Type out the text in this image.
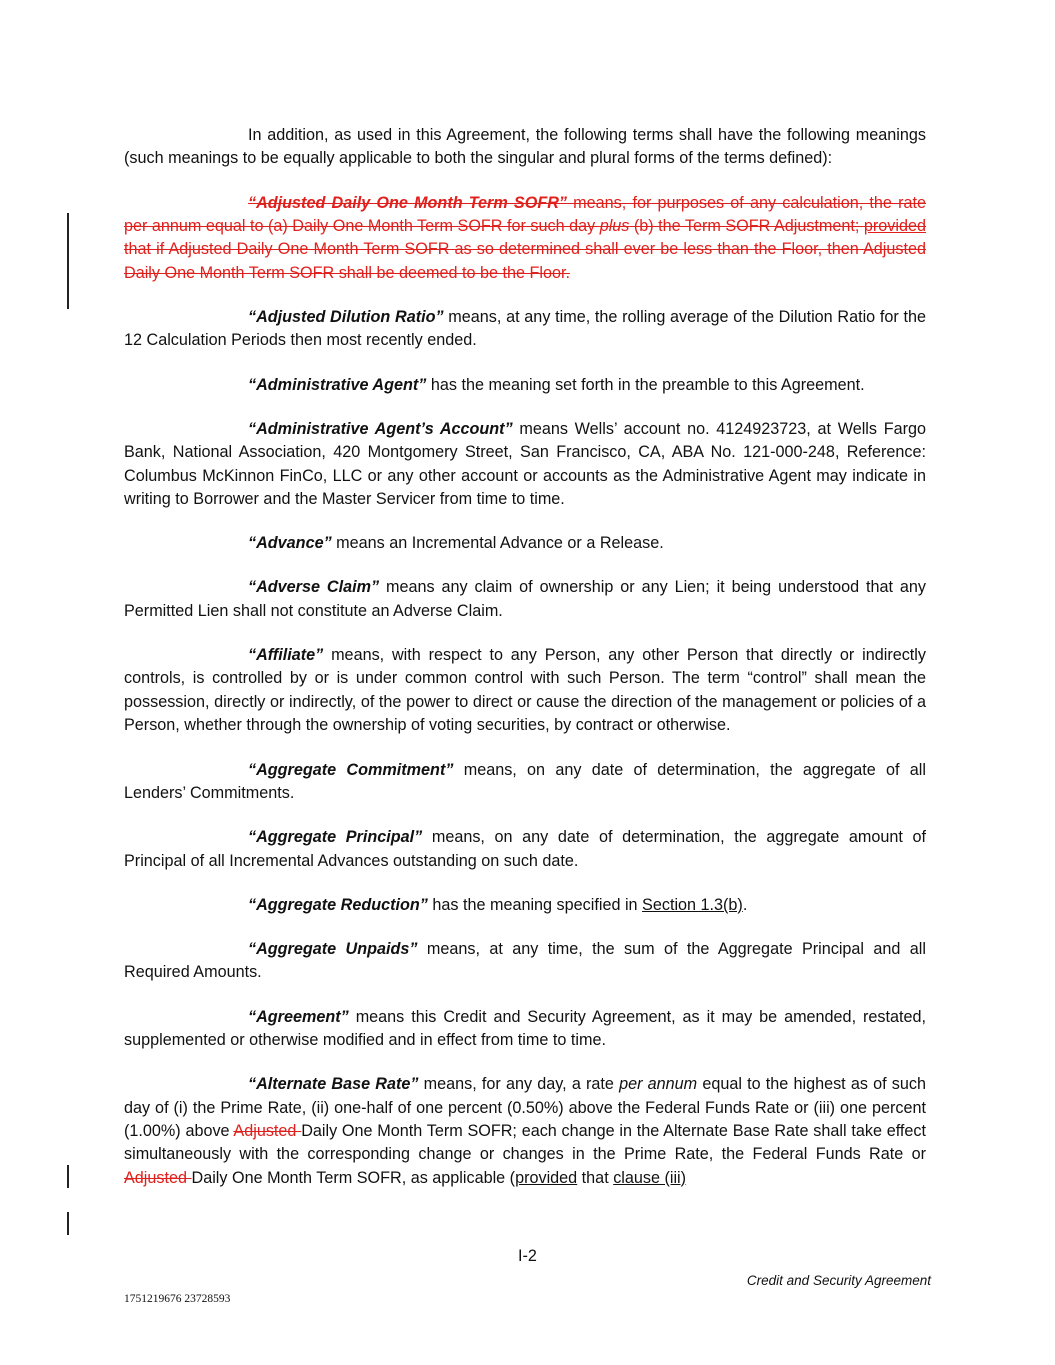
In addition, as used in this Agreement, the following terms shall have the following meanings (such meanings to be equally applicable to both the singular and plural forms of the terms defined):

“Adjusted Daily One Month Term SOFR” means, for purposes of any calculation, the rate per annum equal to (a) Daily One Month Term SOFR for such day plus (b) the Term SOFR Adjustment; provided that if Adjusted Daily One Month Term SOFR as so determined shall ever be less than the Floor, then Adjusted Daily One Month Term SOFR shall be deemed to be the Floor.

“Adjusted Dilution Ratio” means, at any time, the rolling average of the Dilution Ratio for the 12 Calculation Periods then most recently ended.

“Administrative Agent” has the meaning set forth in the preamble to this Agreement.

“Administrative Agent’s Account” means Wells’ account no. 4124923723, at Wells Fargo Bank, National Association, 420 Montgomery Street, San Francisco, CA, ABA No. 121-000-248, Reference: Columbus McKinnon FinCo, LLC or any other account or accounts as the Administrative Agent may indicate in writing to Borrower and the Master Servicer from time to time.

“Advance” means an Incremental Advance or a Release.

“Adverse Claim” means any claim of ownership or any Lien; it being understood that any Permitted Lien shall not constitute an Adverse Claim.

“Affiliate” means, with respect to any Person, any other Person that directly or indirectly controls, is controlled by or is under common control with such Person. The term “control” shall mean the possession, directly or indirectly, of the power to direct or cause the direction of the management or policies of a Person, whether through the ownership of voting securities, by contract or otherwise.

“Aggregate Commitment” means, on any date of determination, the aggregate of all Lenders’ Commitments.

“Aggregate Principal” means, on any date of determination, the aggregate amount of Principal of all Incremental Advances outstanding on such date.

“Aggregate Reduction” has the meaning specified in Section 1.3(b).

“Aggregate Unpaids” means, at any time, the sum of the Aggregate Principal and all Required Amounts.

“Agreement” means this Credit and Security Agreement, as it may be amended, restated, supplemented or otherwise modified and in effect from time to time.

“Alternate Base Rate” means, for any day, a rate per annum equal to the highest as of such day of (i) the Prime Rate, (ii) one-half of one percent (0.50%) above the Federal Funds Rate or (iii) one percent (1.00%) above Adjusted Daily One Month Term SOFR; each change in the Alternate Base Rate shall take effect simultaneously with the corresponding change or changes in the Prime Rate, the Federal Funds Rate or Adjusted Daily One Month Term SOFR, as applicable (provided that clause (iii)

I-2
Credit and Security Agreement
1751219676 23728593
